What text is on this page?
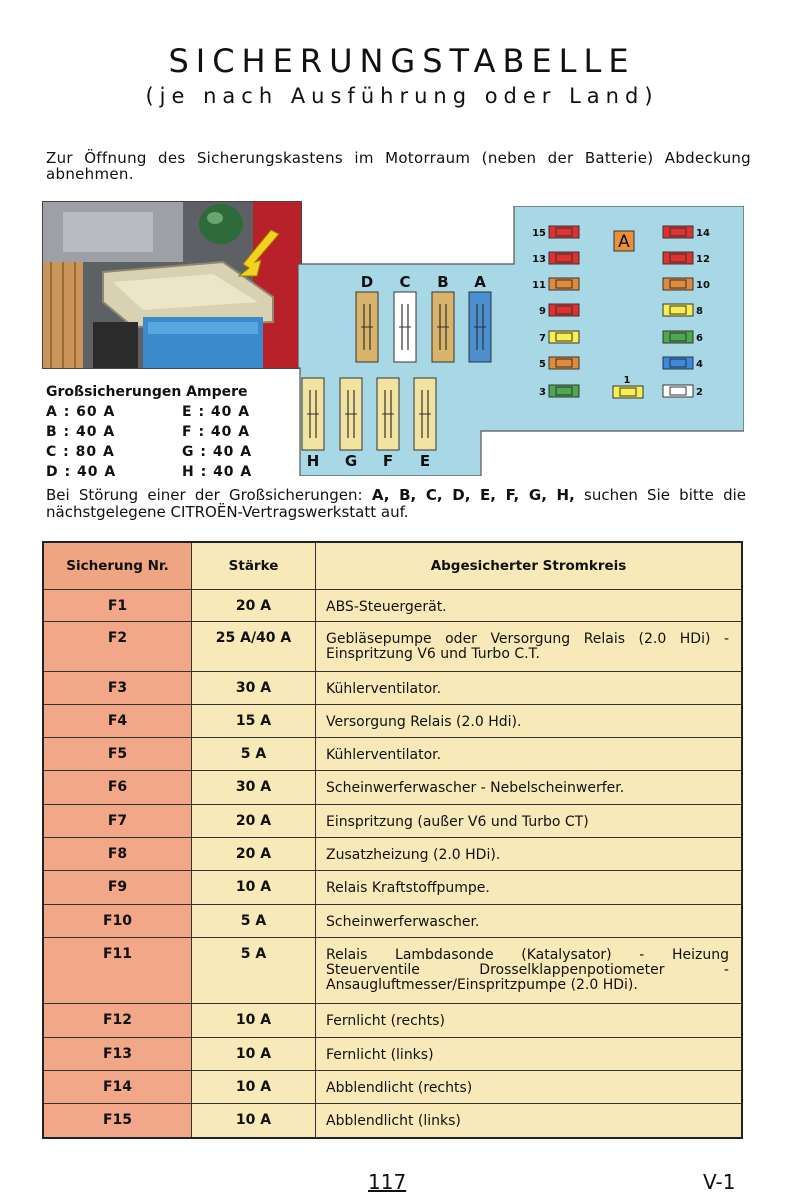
SICHERUNGSTABELLE
(je nach Ausführung oder Land)
Zur Öffnung des Sicherungskastens im Motorraum (neben der Batterie) Abdeckung abnehmen.
D C B A
H G F E
15
13
11
9
7
5
3
14
12
10
8
6
4
2
1
A
Großsicherungen Ampere
A : 60 A
B : 40 A
C : 80 A
D : 40 A
E : 40 A
F : 40 A
G : 40 A
H : 40 A
Bei Störung einer der Großsicherungen: A, B, C, D, E, F, G, H, suchen Sie bitte die nächstgelegene CITROËN-Vertragswerkstatt auf.
Sicherung Nr.	Stärke	Abgesicherter Stromkreis

F1	20 A	ABS-Steuergerät.

F2	25 A/40 A	Gebläsepumpe oder Versorgung Relais (2.0 HDi) - Einspritzung V6 und Turbo C.T.

F3	30 A	Kühlerventilator.

F4	15 A	Versorgung Relais (2.0 Hdi).

F5	5 A	Kühlerventilator.

F6	30 A	Scheinwerferwascher - Nebelscheinwerfer.

F7	20 A	Einspritzung (außer V6 und Turbo CT)

F8	20 A	Zusatzheizung (2.0 HDi).

F9	10 A	Relais Kraftstoffpumpe.

F10	5 A	Scheinwerferwascher.

F11	5 A	Relais Lambdasonde (Katalysator) - Heizung Steuerventile Drosselklappenpotiometer - Ansaugluftmesser/Einspritzpumpe (2.0 HDi).

F12	10 A	Fernlicht (rechts)

F13	10 A	Fernlicht (links)

F14	10 A	Abblendlicht (rechts)

F15	10 A	Abblendlicht (links)
117	V-1
